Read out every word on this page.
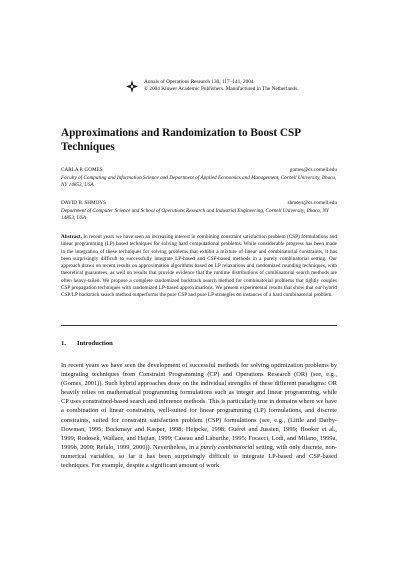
Annals of Operations Research 130, 117–141, 2004
© 2004 Kluwer Academic Publishers. Manufactured in The Netherlands.
Approximations and Randomization to Boost CSP Techniques
CARLA P. GOMES	gomes@cs.cornell.edu
Faculty of Computing and Information Science and Department of Applied Economics and Management, Cornell University, Ithaca, NY 14853, USA
DAVID B. SHMOYS	shmoys@cs.cornell.edu
Department of Computer Science and School of Operations Research and Industrial Engineering, Cornell University, Ithaca, NY 14853, USA

Abstract. In recent years we have seen an increasing interest in combining constraint satisfaction problem (CSP) formulations and linear programming (LP) based techniques for solving hard computational problems. While considerable progress has been made in the integration of these techniques for solving problems that exhibit a mixture of linear and combinatorial constraints, it has been surprisingly difficult to successfully integrate LP-based and CSP-based methods in a purely combinatorial setting. Our approach draws on recent results on approximation algorithms based on LP relaxations and randomized rounding techniques, with theoretical guarantees, as well on results that provide evidence that the runtime distributions of combinatorial search methods are often heavy-tailed. We propose a complete randomized backtrack search method for combinatorial problems that tightly couples CSP propagation techniques with randomized LP-based approximations. We present experimental results that show that our hybrid CSP/LP backtrack search method outperforms the pure CSP and pure LP strategies on instances of a hard combinatorial problem.

1. Introduction

In recent years we have seen the development of successful methods for solving optimization problems by integrating techniques from Constraint Programming (CP) and Operations Research (OR) (see, e.g., (Gomes, 2001)). Such hybrid approaches draw on the individual strengths of these different paradigms: OR heavily relies on mathematical programming formulations such as integer and linear programming, while CP uses constrained-based search and inference methods. This is particularly true in domains where we have a combination of linear constraints, well-suited for linear programming (LP) formulations, and discrete constraints, suited for constraint satisfaction problem (CSP) formulations (see, e.g., (Little and Darby-Dowman, 1995; Bockmayr and Kasper, 1998; Heipcke, 1998; Guéret and Jussien, 1999; Hooker et al., 1999; Rodosek, Wallace, and Hajian, 1999; Caseau and Laburthe, 1995; Focacci, Lodi, and Milano, 1999a, 1999b, 2000; Refalo, 1999, 2000)). Nevertheless, in a purely combinatorial setting, with only discrete, non-numerical variables, so far it has been surprisingly difficult to integrate LP-based and CSP-based techniques. For example, despite a significant amount of work
